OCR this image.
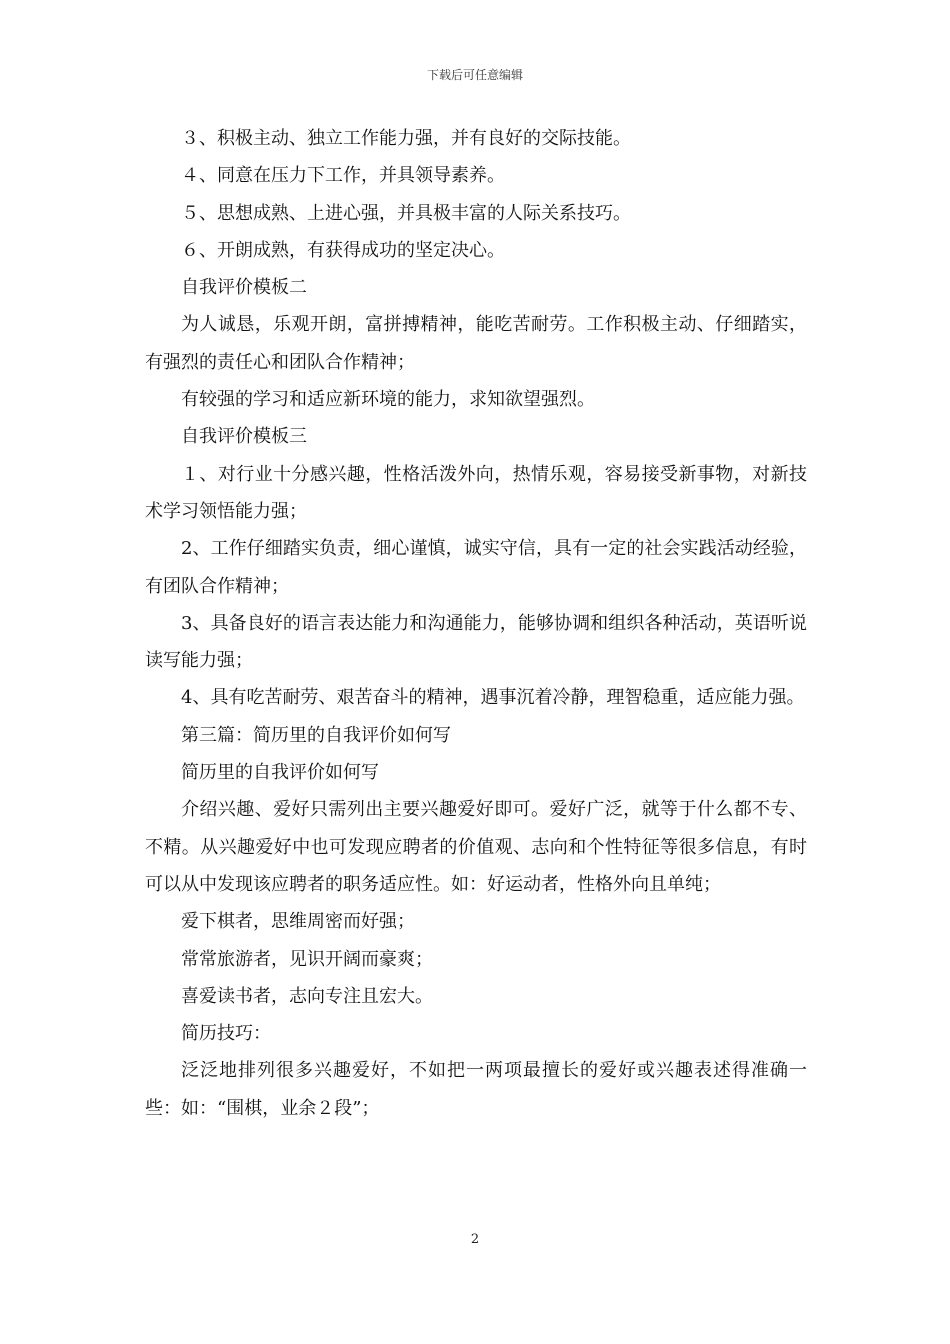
下载后可任意编辑

３、积极主动、独立工作能力强，并有良好的交际技能。

４、同意在压力下工作，并具领导素养。

５、思想成熟、上进心强，并具极丰富的人际关系技巧。

６、开朗成熟，有获得成功的坚定决心。

自我评价模板二

为人诚恳，乐观开朗，富拼搏精神，能吃苦耐劳。工作积极主动、仔细踏实，有强烈的责任心和团队合作精神；

有较强的学习和适应新环境的能力，求知欲望强烈。

自我评价模板三

１、对行业十分感兴趣，性格活泼外向，热情乐观，容易接受新事物，对新技术学习领悟能力强；

2、工作仔细踏实负责，细心谨慎，诚实守信，具有一定的社会实践活动经验，有团队合作精神；

3、具备良好的语言表达能力和沟通能力，能够协调和组织各种活动，英语听说读写能力强；

4、具有吃苦耐劳、艰苦奋斗的精神，遇事沉着冷静，理智稳重，适应能力强。

第三篇：简历里的自我评价如何写

简历里的自我评价如何写

介绍兴趣、爱好只需列出主要兴趣爱好即可。爱好广泛，就等于什么都不专、不精。从兴趣爱好中也可发现应聘者的价值观、志向和个性特征等很多信息，有时可以从中发现该应聘者的职务适应性。如：好运动者，性格外向且单纯；

爱下棋者，思维周密而好强；

常常旅游者，见识开阔而豪爽；

喜爱读书者，志向专注且宏大。

简历技巧：

泛泛地排列很多兴趣爱好，不如把一两项最擅长的爱好或兴趣表述得准确一些：如：“围棋，业余２段”；

2
